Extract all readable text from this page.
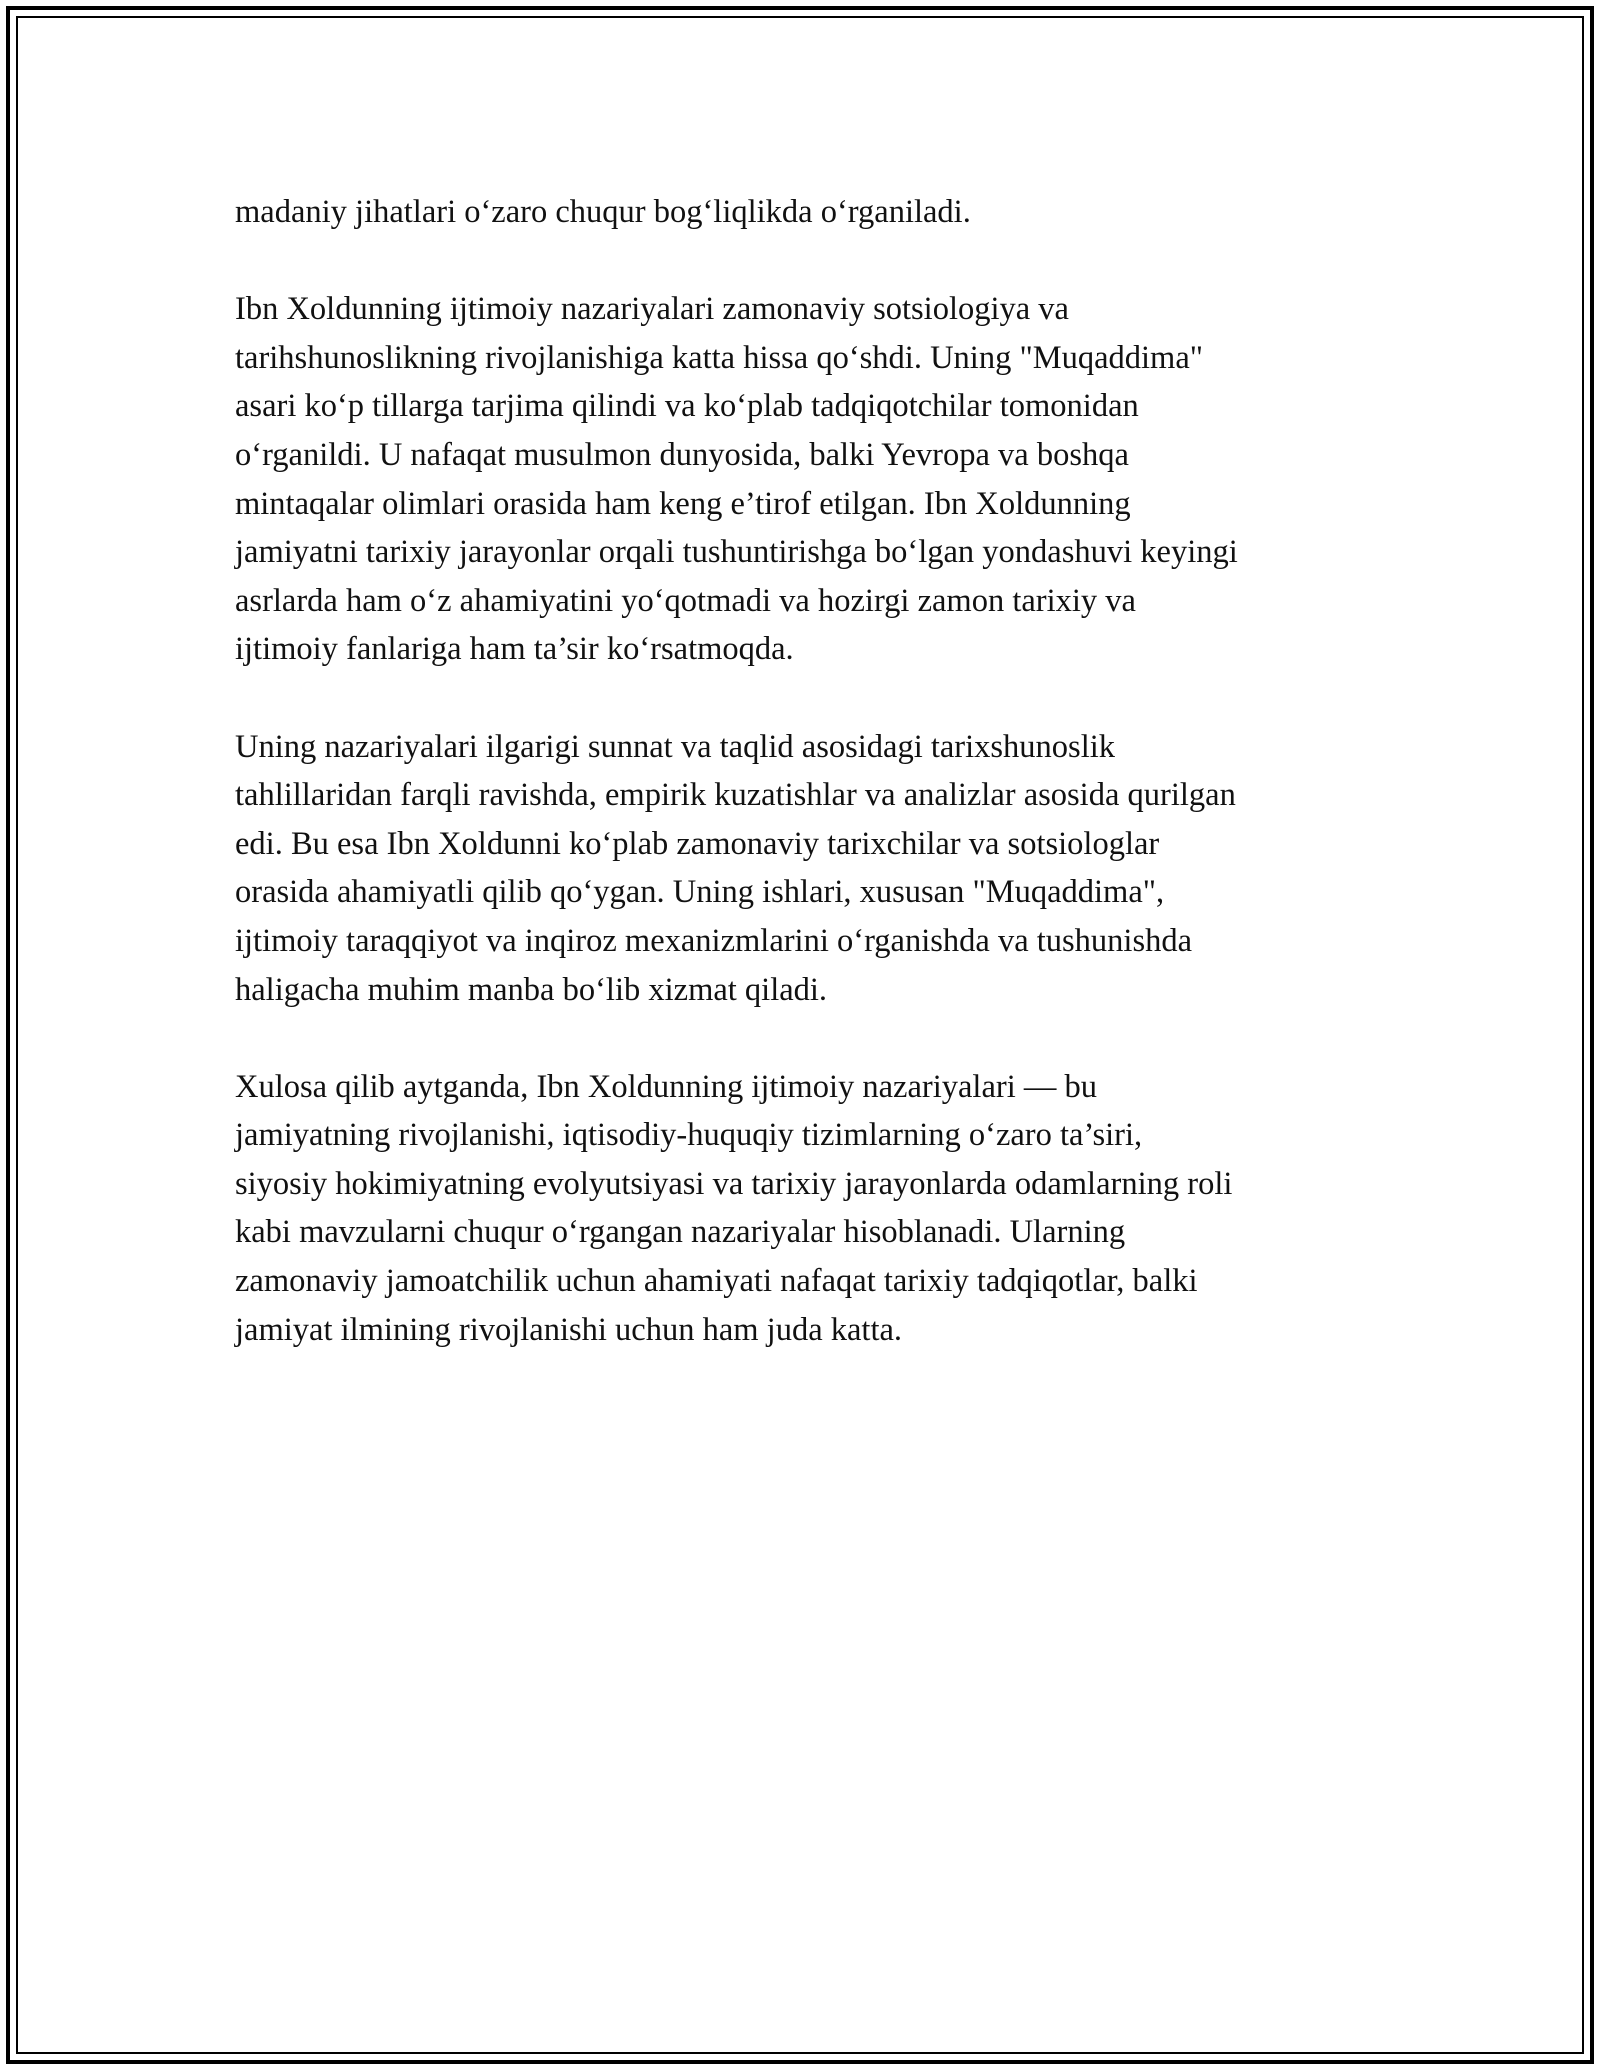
madaniy jihatlari o‘zaro chuqur bog‘liqlikda o‘rganiladi.

Ibn Xoldunning ijtimoiy nazariyalari zamonaviy sotsiologiya va
tarihshunoslikning rivojlanishiga katta hissa qo‘shdi. Uning "Muqaddima"
asari ko‘p tillarga tarjima qilindi va ko‘plab tadqiqotchilar tomonidan
o‘rganildi. U nafaqat musulmon dunyosida, balki Yevropa va boshqa
mintaqalar olimlari orasida ham keng e’tirof etilgan. Ibn Xoldunning
jamiyatni tarixiy jarayonlar orqali tushuntirishga bo‘lgan yondashuvi keyingi
asrlarda ham o‘z ahamiyatini yo‘qotmadi va hozirgi zamon tarixiy va
ijtimoiy fanlariga ham ta’sir ko‘rsatmoqda.

Uning nazariyalari ilgarigi sunnat va taqlid asosidagi tarixshunoslik
tahlillaridan farqli ravishda, empirik kuzatishlar va analizlar asosida qurilgan
edi. Bu esa Ibn Xoldunni ko‘plab zamonaviy tarixchilar va sotsiologlar
orasida ahamiyatli qilib qo‘ygan. Uning ishlari, xususan "Muqaddima",
ijtimoiy taraqqiyot va inqiroz mexanizmlarini o‘rganishda va tushunishda
haligacha muhim manba bo‘lib xizmat qiladi.

Xulosa qilib aytganda, Ibn Xoldunning ijtimoiy nazariyalari — bu
jamiyatning rivojlanishi, iqtisodiy-huquqiy tizimlarning o‘zaro ta’siri,
siyosiy hokimiyatning evolyutsiyasi va tarixiy jarayonlarda odamlarning roli
kabi mavzularni chuqur o‘rgangan nazariyalar hisoblanadi. Ularning
zamonaviy jamoatchilik uchun ahamiyati nafaqat tarixiy tadqiqotlar, balki
jamiyat ilmining rivojlanishi uchun ham juda katta.
